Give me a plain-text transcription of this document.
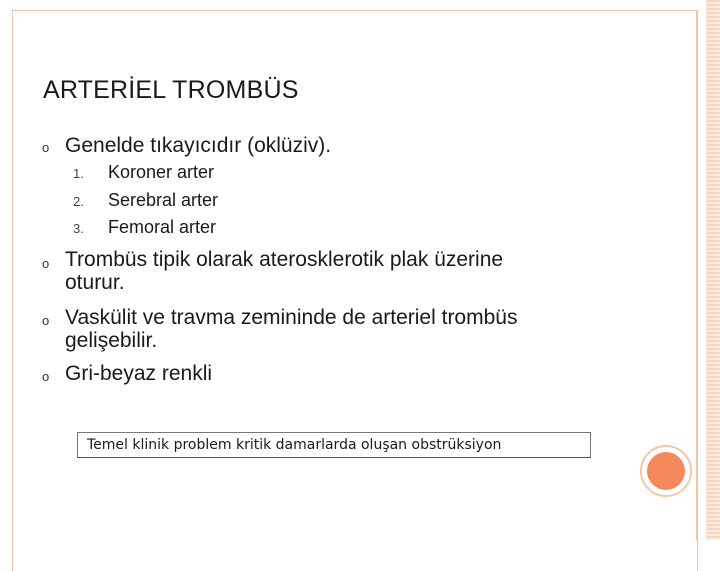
ARTERİEL TROMBÜS
o Genelde tıkayıcıdır (oklüziv).
1. Koroner arter
2. Serebral arter
3. Femoral arter
o Trombüs tipik olarak aterosklerotik plak üzerine
oturur.
o Vaskülit ve travma zemininde de arteriel trombüs
gelişebilir.
o Gri-beyaz renkli
Temel klinik problem kritik damarlarda oluşan obstrüksiyon
